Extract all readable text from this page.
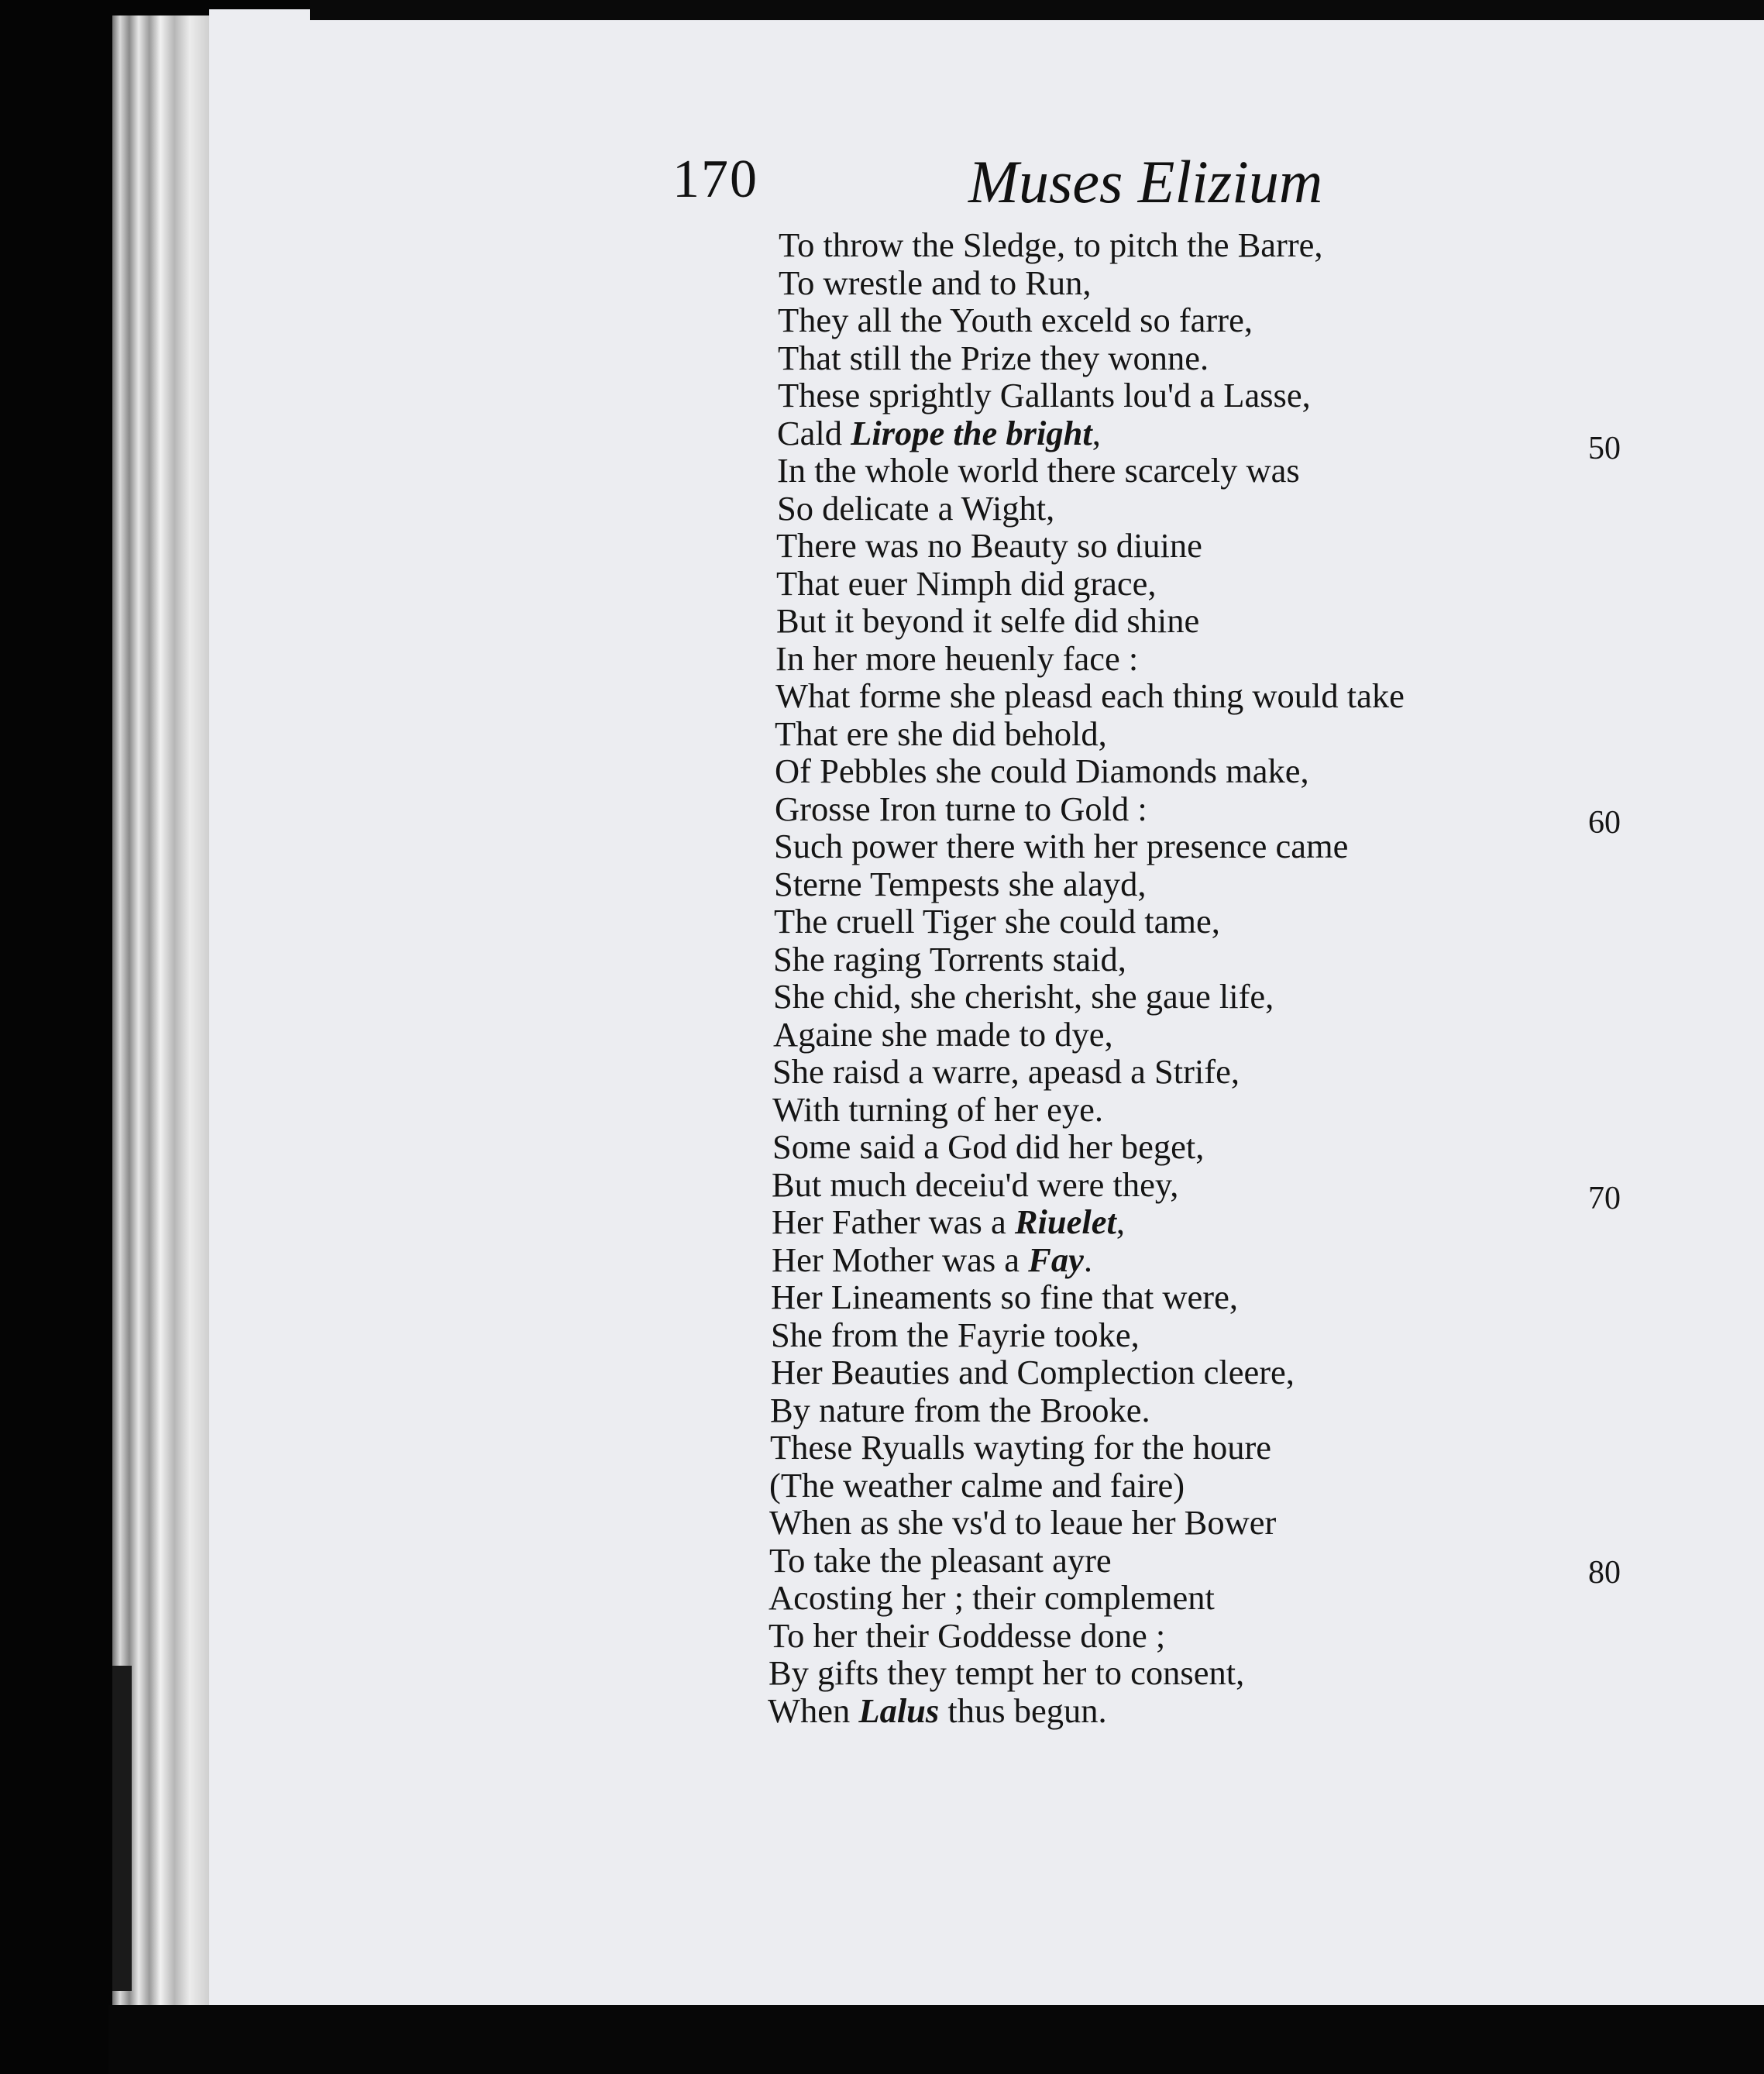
170	Muses Elizium
To throw the Sledge, to pitch the Barre,
To wrestle and to Run,
They all the Youth exceld so farre,
That still the Prize they wonne.
These sprightly Gallants lou'd a Lasse,
Cald Lirope the bright,
In the whole world there scarcely was
So delicate a Wight,
There was no Beauty so diuine
That euer Nimph did grace,
But it beyond it selfe did shine
In her more heuenly face :
What forme she pleasd each thing would take
That ere she did behold,
Of Pebbles she could Diamonds make,
Grosse Iron turne to Gold :
Such power there with her presence came
Sterne Tempests she alayd,
The cruell Tiger she could tame,
She raging Torrents staid,
She chid, she cherisht, she gaue life,
Againe she made to dye,
She raisd a warre, apeasd a Strife,
With turning of her eye.
Some said a God did her beget,
But much deceiu'd were they,
Her Father was a Riuelet,
Her Mother was a Fay.
Her Lineaments so fine that were,
She from the Fayrie tooke,
Her Beauties and Complection cleere,
By nature from the Brooke.
These Ryualls wayting for the houre
(The weather calme and faire)
When as she vs'd to leaue her Bower
To take the pleasant ayre
Acosting her ; their complement
To her their Goddesse done ;
By gifts they tempt her to consent,
When Lalus thus begun.
50
60
70
80
